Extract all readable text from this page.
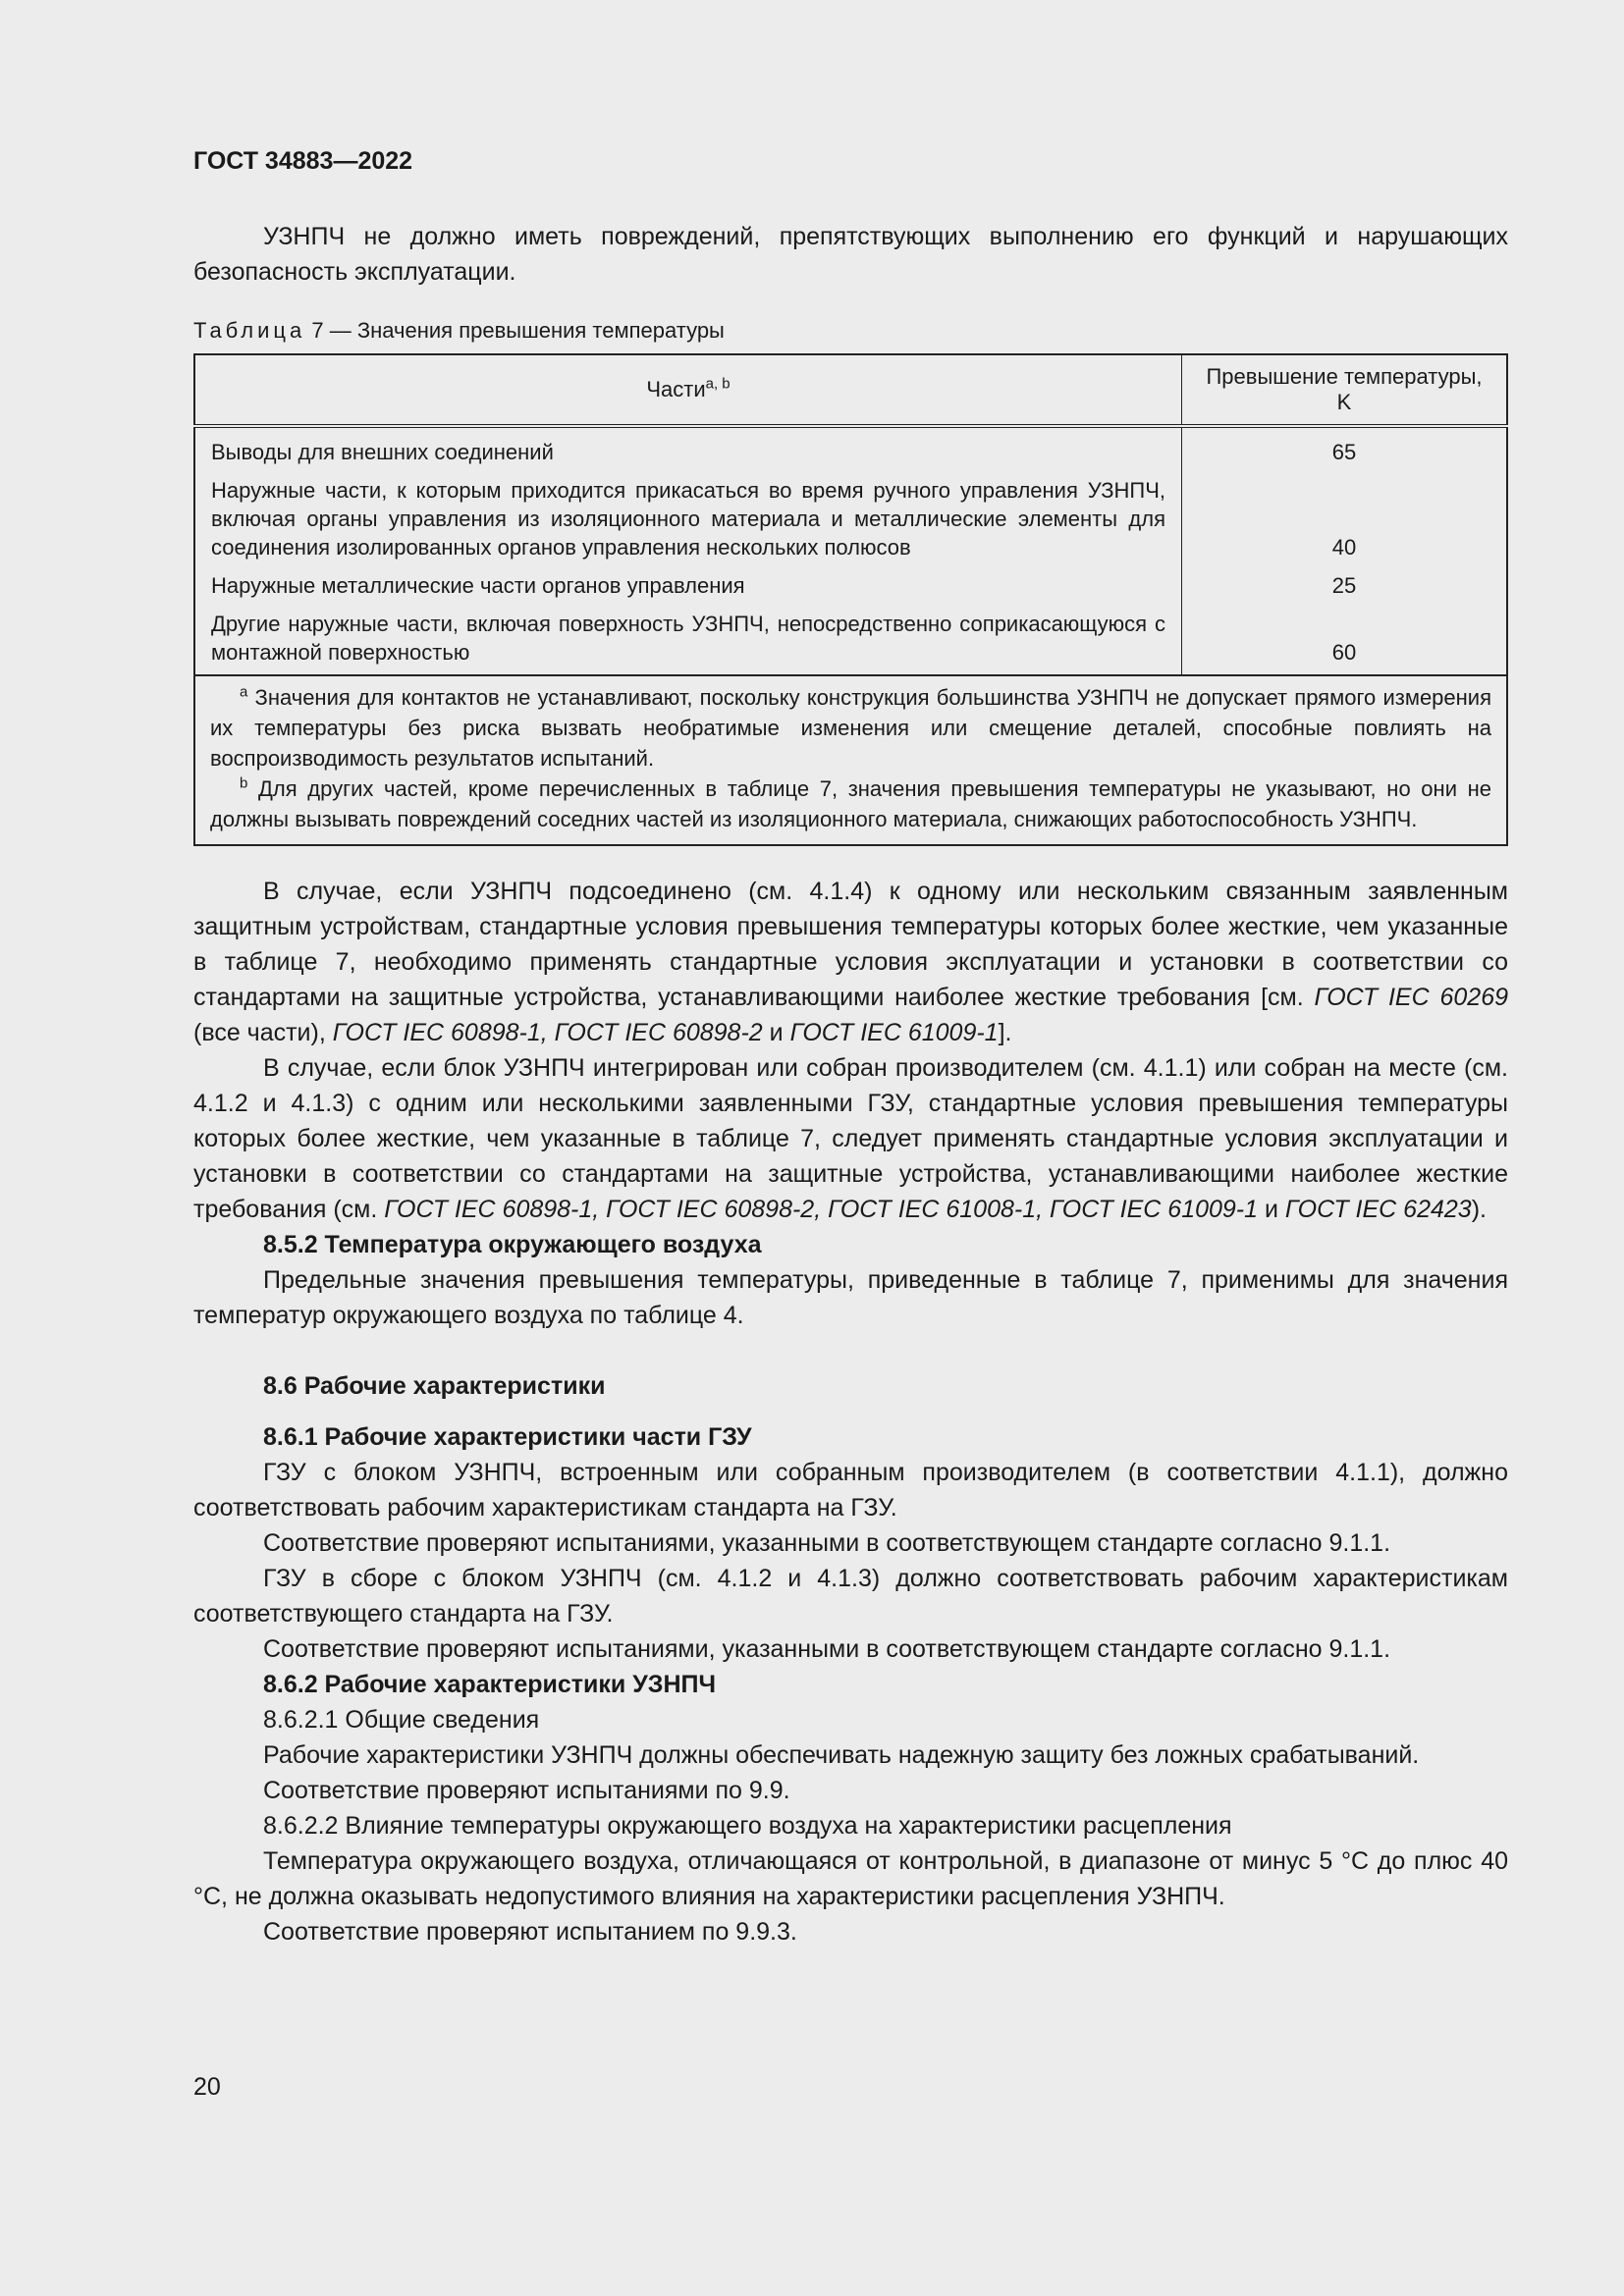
ГОСТ 34883—2022

УЗНПЧ не должно иметь повреждений, препятствующих выполнению его функций и нарушающих безопасность эксплуатации.

Таблица 7 — Значения превышения температуры
Части$^{a, b}$	Превышение температуры,
K
Выводы для внешних соединений	65
Наружные части, к которым приходится прикасаться во время ручного управления УЗНПЧ, включая органы управления из изоляционного материала и металлические элементы для соединения изолированных органов управления нескольких полюсов	40
Наружные металлические части органов управления	25
Другие наружные части, включая поверхность УЗНПЧ, непосредственно соприкасающуюся с монтажной поверхностью	60

$^a$ Значения для контактов не устанавливают, поскольку конструкция большинства УЗНПЧ не допускает прямого измерения их температуры без риска вызвать необратимые изменения или смещение деталей, способные повлиять на воспроизводимость результатов испытаний.
$^b$ Для других частей, кроме перечисленных в таблице 7, значения превышения температуры не указывают, но они не должны вызывать повреждений соседних частей из изоляционного материала, снижающих работоспособность УЗНПЧ.	

В случае, если УЗНПЧ подсоединено (см. 4.1.4) к одному или нескольким связанным заявленным защитным устройствам, стандартные условия превышения температуры которых более жесткие, чем указанные в таблице 7, необходимо применять стандартные условия эксплуатации и установки в соответствии со стандартами на защитные устройства, устанавливающими наиболее жесткие требования [см. ГОСТ IEC 60269 (все части), ГОСТ IEC 60898-1, ГОСТ IEC 60898-2 и ГОСТ IEC 61009-1].

В случае, если блок УЗНПЧ интегрирован или собран производителем (см. 4.1.1) или собран на месте (см. 4.1.2 и 4.1.3) с одним или несколькими заявленными ГЗУ, стандартные условия превышения температуры которых более жесткие, чем указанные в таблице 7, следует применять стандартные условия эксплуатации и установки в соответствии со стандартами на защитные устройства, устанавливающими наиболее жесткие требования (см. ГОСТ IEC 60898-1, ГОСТ IEC 60898-2, ГОСТ IEC 61008-1, ГОСТ IEC 61009-1 и ГОСТ IEC 62423).

8.5.2 Температура окружающего воздуха

Предельные значения превышения температуры, приведенные в таблице 7, применимы для значения температур окружающего воздуха по таблице 4.

8.6 Рабочие характеристики

8.6.1 Рабочие характеристики части ГЗУ

ГЗУ с блоком УЗНПЧ, встроенным или собранным производителем (в соответствии 4.1.1), должно соответствовать рабочим характеристикам стандарта на ГЗУ.

Соответствие проверяют испытаниями, указанными в соответствующем стандарте согласно 9.1.1.

ГЗУ в сборе с блоком УЗНПЧ (см. 4.1.2 и 4.1.3) должно соответствовать рабочим характеристикам соответствующего стандарта на ГЗУ.

Соответствие проверяют испытаниями, указанными в соответствующем стандарте согласно 9.1.1.

8.6.2 Рабочие характеристики УЗНПЧ

8.6.2.1 Общие сведения

Рабочие характеристики УЗНПЧ должны обеспечивать надежную защиту без ложных срабатываний.

Соответствие проверяют испытаниями по 9.9.

8.6.2.2 Влияние температуры окружающего воздуха на характеристики расцепления

Температура окружающего воздуха, отличающаяся от контрольной, в диапазоне от минус 5 °С до плюс 40 °С, не должна оказывать недопустимого влияния на характеристики расцепления УЗНПЧ.

Соответствие проверяют испытанием по 9.9.3.

20
